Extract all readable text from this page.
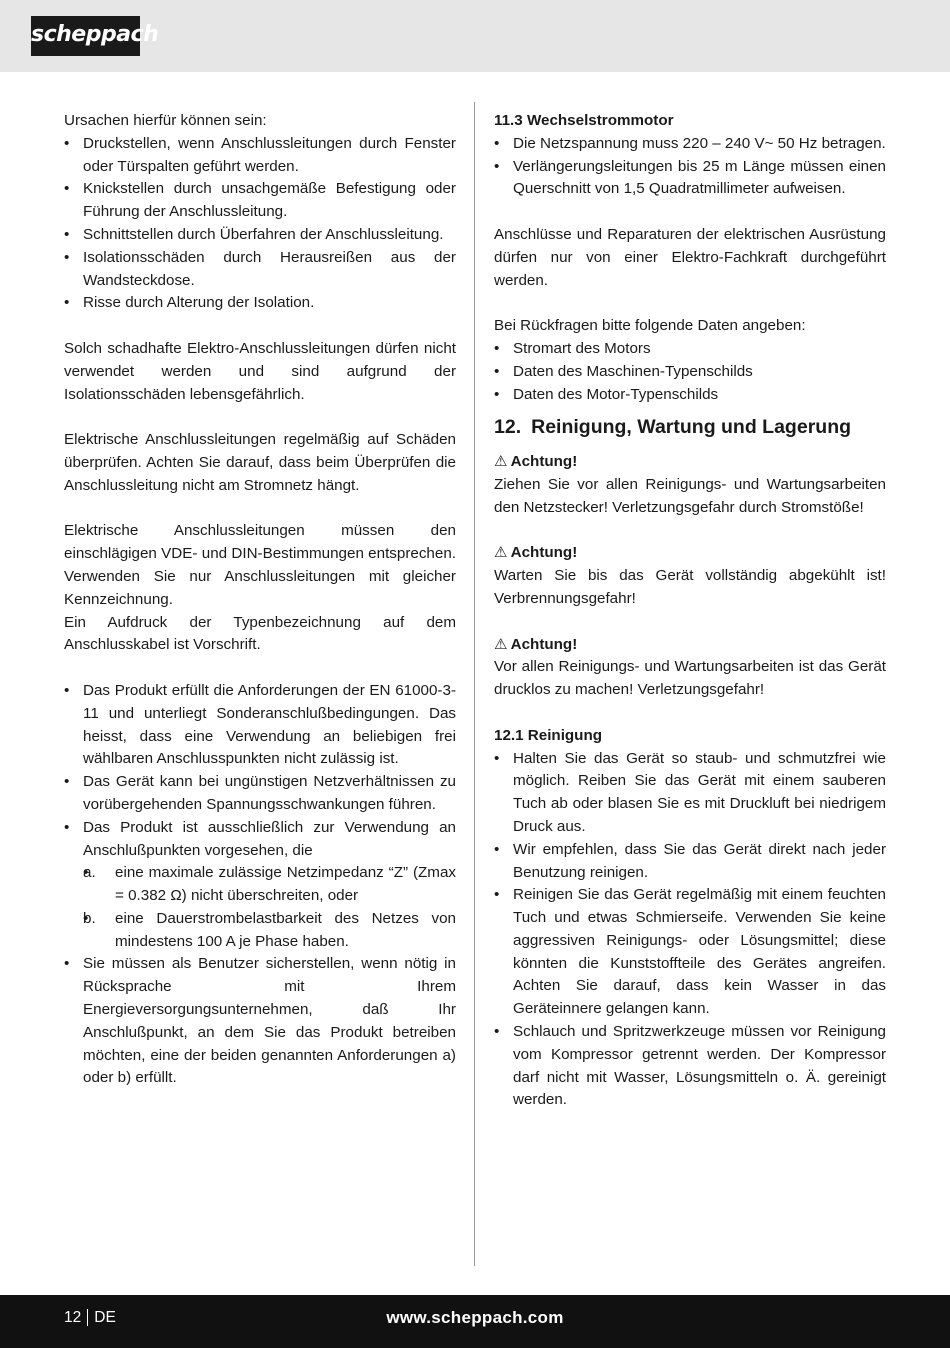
scheppach

Ursachen hierfür können sein:

• Druckstellen, wenn Anschlussleitungen durch Fenster oder Türspalten geführt werden.
• Knickstellen durch unsachgemäße Befestigung oder Führung der Anschlussleitung.
• Schnittstellen durch Überfahren der Anschlussleitung.
• Isolationsschäden durch Herausreißen aus der Wandsteckdose.
• Risse durch Alterung der Isolation.

Solch schadhafte Elektro-Anschlussleitungen dürfen nicht verwendet werden und sind aufgrund der Isolationsschäden lebensgefährlich.

Elektrische Anschlussleitungen regelmäßig auf Schäden überprüfen. Achten Sie darauf, dass beim Überprüfen die Anschlussleitung nicht am Stromnetz hängt.

Elektrische Anschlussleitungen müssen den einschlägigen VDE- und DIN-Bestimmungen entsprechen. Verwenden Sie nur Anschlussleitungen mit gleicher Kennzeichnung.

Ein Aufdruck der Typenbezeichnung auf dem Anschlusskabel ist Vorschrift.

• Das Produkt erfüllt die Anforderungen der EN 61000-3-11 und unterliegt Sonderanschlußbedingungen. Das heisst, dass eine Verwendung an beliebigen frei wählbaren Anschlusspunkten nicht zulässig ist.
• Das Gerät kann bei ungünstigen Netzverhältnissen zu vorübergehenden Spannungsschwankungen führen.
• Das Produkt ist ausschließlich zur Verwendung an Anschlußpunkten vorgesehen, die
• a. eine maximale zulässige Netzimpedanz “Z” (Zmax = 0.382 Ω) nicht überschreiten, oder
• b. eine Dauerstrombelastbarkeit des Netzes von mindestens 100 A je Phase haben.
• Sie müssen als Benutzer sicherstellen, wenn nötig in Rücksprache mit Ihrem Energieversorgungsunternehmen, daß Ihr Anschlußpunkt, an dem Sie das Produkt betreiben möchten, eine der beiden genannten Anforderungen a) oder b) erfüllt.

11.3 Wechselstrommotor

• Die Netzspannung muss 220 – 240 V~ 50 Hz betragen.
• Verlängerungsleitungen bis 25 m Länge müssen einen Querschnitt von 1,5 Quadratmillimeter aufweisen.

Anschlüsse und Reparaturen der elektrischen Ausrüstung dürfen nur von einer Elektro-Fachkraft durchgeführt werden.

Bei Rückfragen bitte folgende Daten angeben:

• Stromart des Motors
• Daten des Maschinen-Typenschilds
• Daten des Motor-Typenschilds
12. Reinigung, Wartung und Lagerung

⚠ Achtung!

Ziehen Sie vor allen Reinigungs- und Wartungsarbeiten den Netzstecker! Verletzungsgefahr durch Stromstöße!

⚠ Achtung!

Warten Sie bis das Gerät vollständig abgekühlt ist! Verbrennungsgefahr!

⚠ Achtung!

Vor allen Reinigungs- und Wartungsarbeiten ist das Gerät drucklos zu machen! Verletzungsgefahr!

12.1 Reinigung

• Halten Sie das Gerät so staub- und schmutzfrei wie möglich. Reiben Sie das Gerät mit einem sauberen Tuch ab oder blasen Sie es mit Druckluft bei niedrigem Druck aus.
• Wir empfehlen, dass Sie das Gerät direkt nach jeder Benutzung reinigen.
• Reinigen Sie das Gerät regelmäßig mit einem feuchten Tuch und etwas Schmierseife. Verwenden Sie keine aggressiven Reinigungs- oder Lösungsmittel; diese könnten die Kunststoffteile des Gerätes angreifen. Achten Sie darauf, dass kein Wasser in das Geräteinnere gelangen kann.
• Schlauch und Spritzwerkzeuge müssen vor Reinigung vom Kompressor getrennt werden. Der Kompressor darf nicht mit Wasser, Lösungsmitteln o. Ä. gereinigt werden.
12 DE	www.scheppach.com
